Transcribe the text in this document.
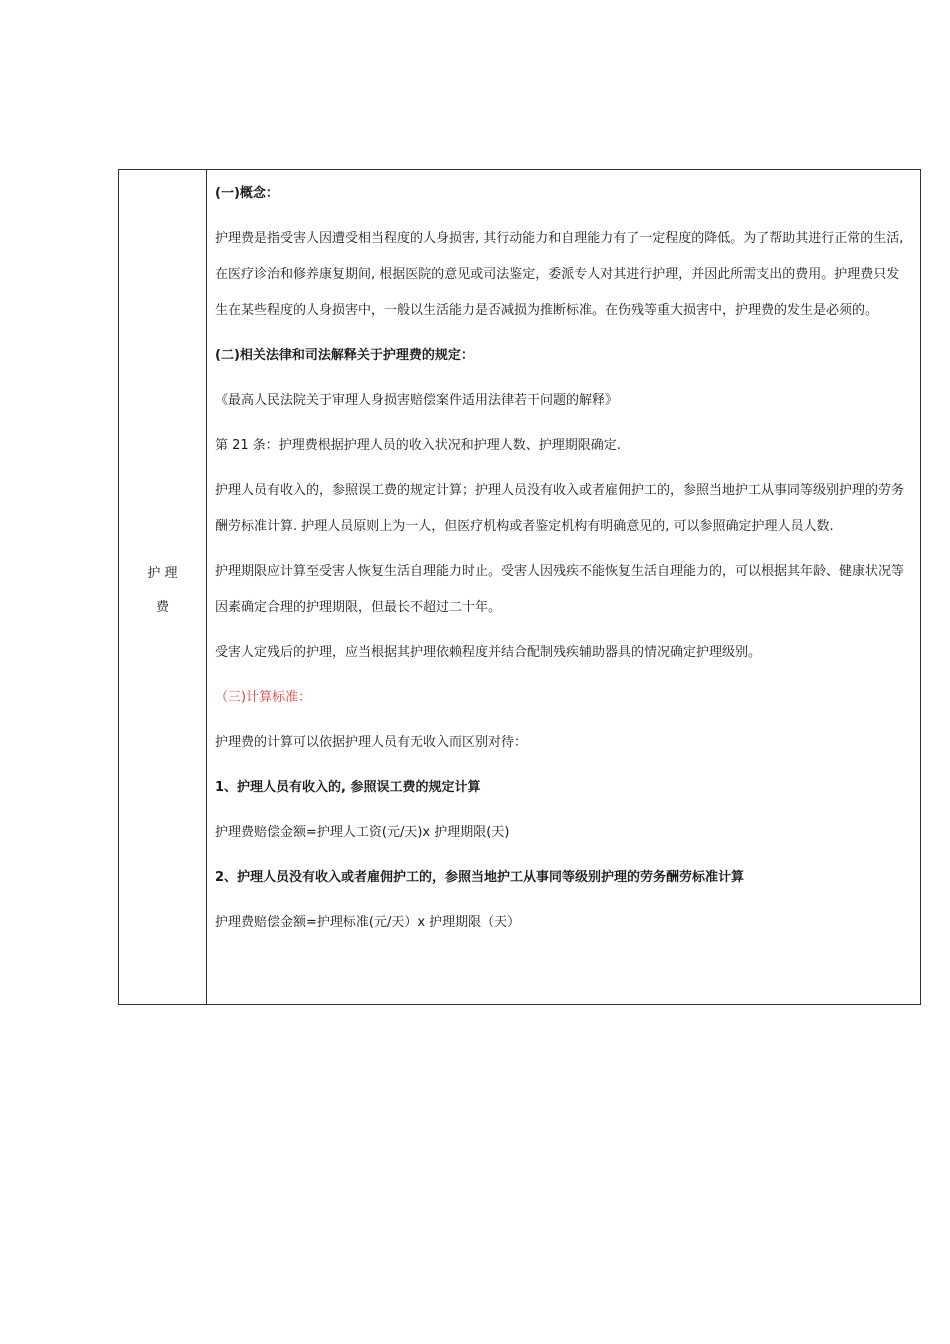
护 理
费

(一)概念：

护理费是指受害人因遭受相当程度的人身损害, 其行动能力和自理能力有了一定程度的降低。为了帮助其进行正常的生活, 在医疗诊治和修养康复期间, 根据医院的意见或司法鉴定，委派专人对其进行护理，并因此所需支出的费用。护理费只发生在某些程度的人身损害中，一般以生活能力是否减损为推断标准。在伤残等重大损害中，护理费的发生是必须的。

(二)相关法律和司法解释关于护理费的规定：

《最高人民法院关于审理人身损害赔偿案件适用法律若干问题的解释》

第 21 条：护理费根据护理人员的收入状况和护理人数、护理期限确定.

护理人员有收入的，参照误工费的规定计算；护理人员没有收入或者雇佣护工的，参照当地护工从事同等级别护理的劳务酬劳标准计算. 护理人员原则上为一人，但医疗机构或者鉴定机构有明确意见的, 可以参照确定护理人员人数.

护理期限应计算至受害人恢复生活自理能力时止。受害人因残疾不能恢复生活自理能力的，可以根据其年龄、健康状况等因素确定合理的护理期限，但最长不超过二十年。

受害人定残后的护理，应当根据其护理依赖程度并结合配制残疾辅助器具的情况确定护理级别。

（三)计算标准：

护理费的计算可以依据护理人员有无收入而区别对待：

1、护理人员有收入的, 参照误工费的规定计算

护理费赔偿金额=护理人工资(元/天)x 护理期限(天)

2、护理人员没有收入或者雇佣护工的，参照当地护工从事同等级别护理的劳务酬劳标准计算

护理费赔偿金额=护理标准(元/天）x 护理期限（天）
